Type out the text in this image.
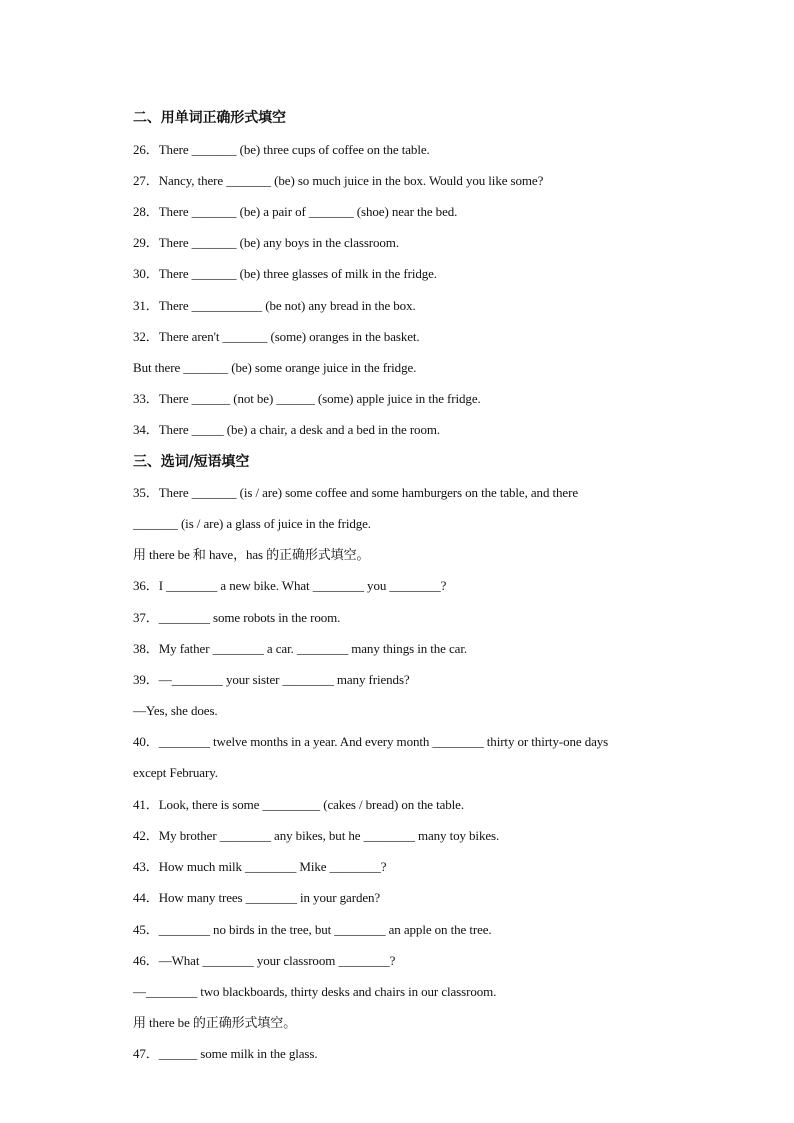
二、用单词正确形式填空
26．There _______ (be) three cups of coffee on the table.
27．Nancy, there _______ (be) so much juice in the box. Would you like some?
28．There _______ (be) a pair of _______ (shoe) near the bed.
29．There _______ (be) any boys in the classroom.
30．There _______ (be) three glasses of milk in the fridge.
31．There ___________ (be not) any bread in the box.
32．There aren't _______ (some) oranges in the basket.
But there _______ (be) some orange juice in the fridge.
33．There ______ (not be) ______ (some) apple juice in the fridge.
34．There _____ (be) a chair, a desk and a bed in the room.
三、选词/短语填空
35．There _______ (is / are) some coffee and some hamburgers on the table, and there
_______ (is / are) a glass of juice in the fridge.
用 there be 和 have，has 的正确形式填空。
36．I ________ a new bike. What ________ you ________?
37．________ some robots in the room.
38．My father ________ a car. ________ many things in the car.
39．—________ your sister ________ many friends?
—Yes, she does.
40．________ twelve months in a year. And every month ________ thirty or thirty-one days
except February.
41．Look, there is some _________ (cakes / bread) on the table.
42．My brother ________ any bikes, but he ________ many toy bikes.
43．How much milk ________ Mike ________?
44．How many trees ________ in your garden?
45．________ no birds in the tree, but ________ an apple on the tree.
46．—What ________ your classroom ________?
—________ two blackboards, thirty desks and chairs in our classroom.
用 there be 的正确形式填空。
47．______ some milk in the glass.
